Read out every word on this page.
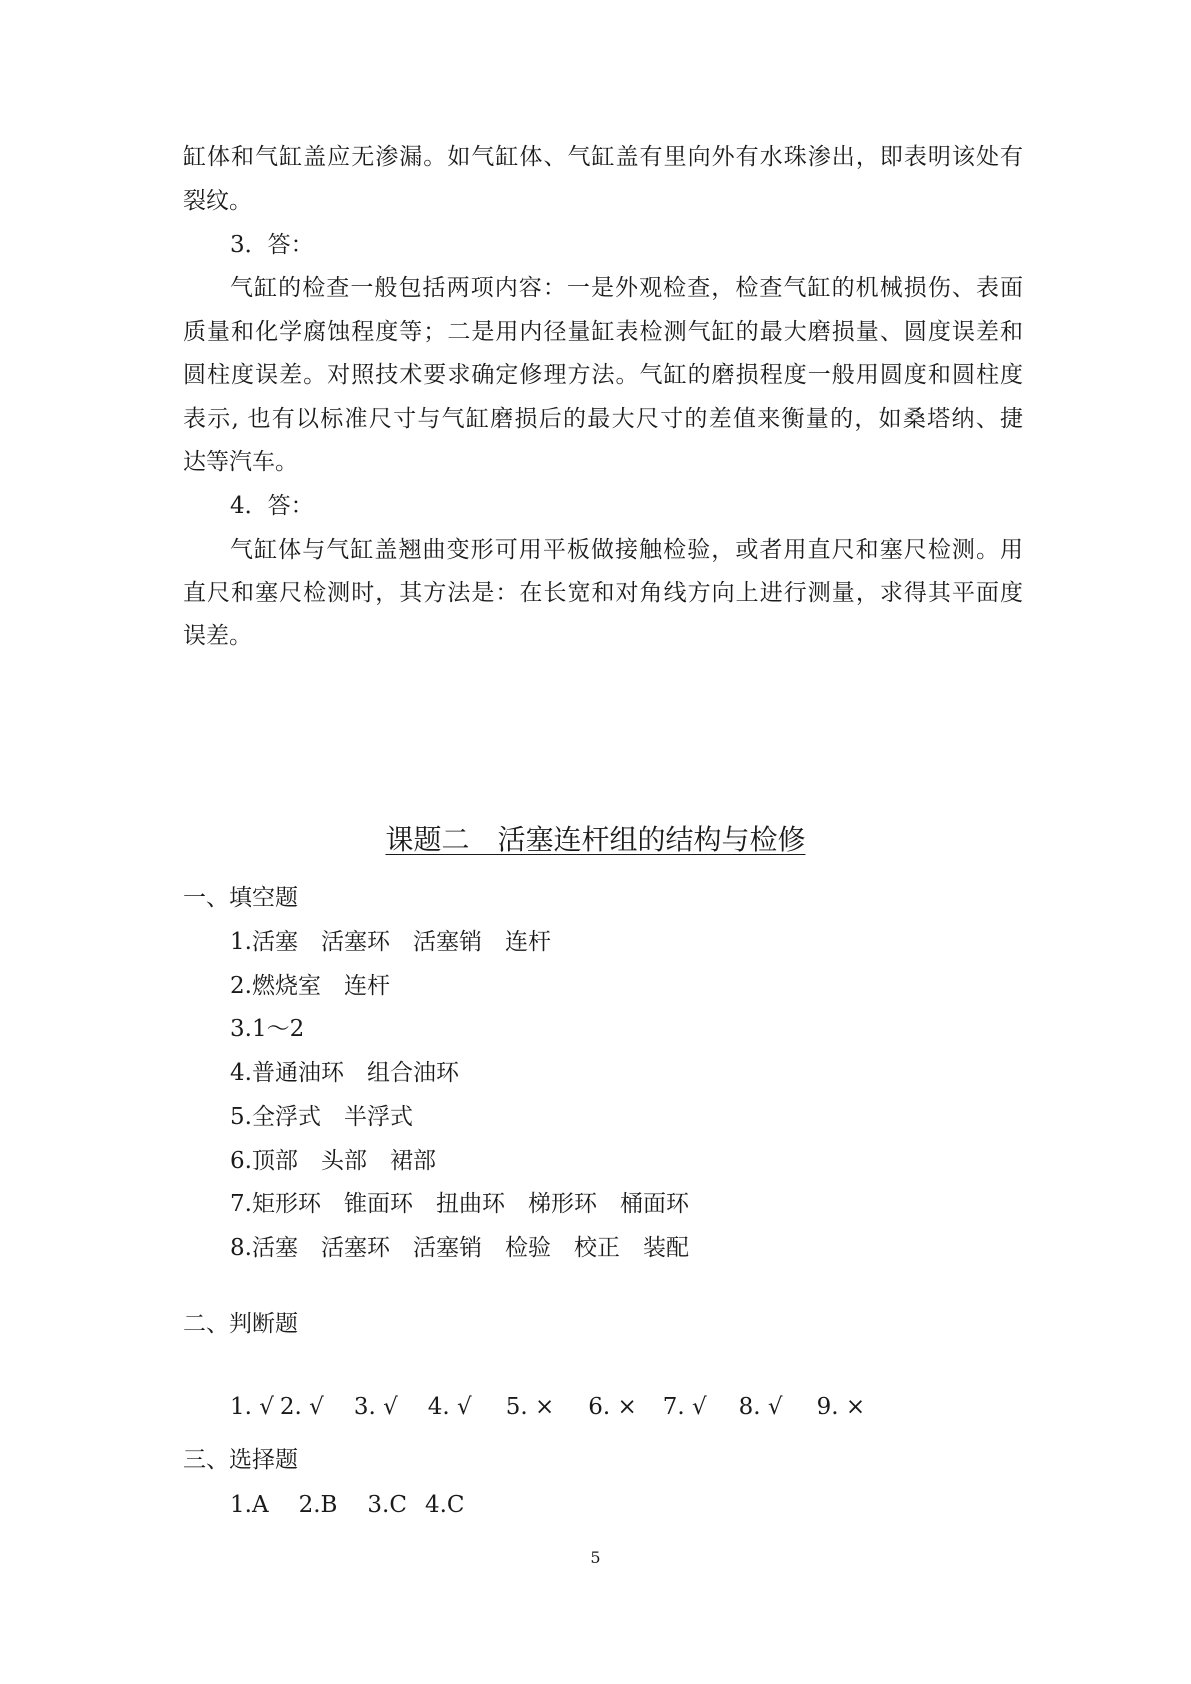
缸体和气缸盖应无渗漏。如气缸体、气缸盖有里向外有水珠渗出，即表明该处有
裂纹。
3．答：
气缸的检查一般包括两项内容：一是外观检查，检查气缸的机械损伤、表面
质量和化学腐蚀程度等；二是用内径量缸表检测气缸的最大磨损量、圆度误差和
圆柱度误差。对照技术要求确定修理方法。气缸的磨损程度一般用圆度和圆柱度
表示, 也有以标准尺寸与气缸磨损后的最大尺寸的差值来衡量的，如桑塔纳、捷
达等汽车。
4．答：
气缸体与气缸盖翘曲变形可用平板做接触检验，或者用直尺和塞尺检测。用
直尺和塞尺检测时，其方法是：在长宽和对角线方向上进行测量，求得其平面度
误差。
课题二　活塞连杆组的结构与检修
一、填空题
1.活塞　活塞环　活塞销　连杆
2.燃烧室　连杆
3.1～2
4.普通油环　组合油环
5.全浮式　半浮式
6.顶部　头部　裙部
7.矩形环　锥面环　扭曲环　梯形环　桶面环
8.活塞　活塞环　活塞销　检验　校正　装配
二、判断题
1. √ 2. √ 3. √ 4. √ 5. × 6. × 7. √ 8. √ 9. ×
三、选择题
1.A 2.B 3.C 4.C
5
